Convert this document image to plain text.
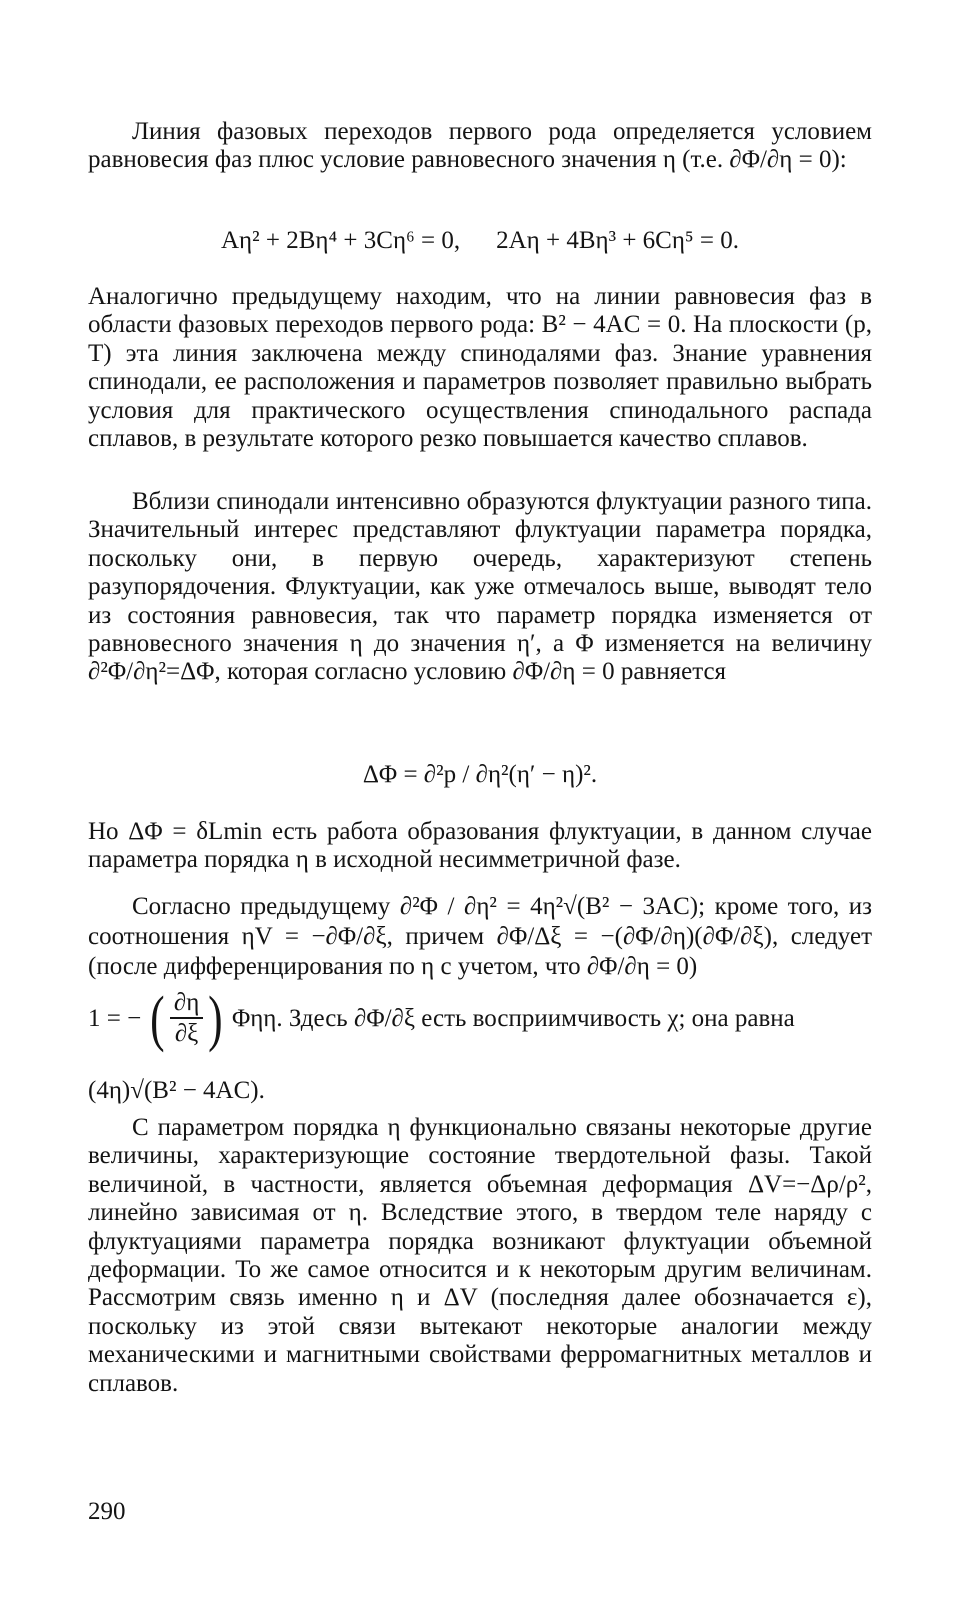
Линия фазовых переходов первого рода определяется условием равновесия фаз плюс условие равновесного значения η (т.е. ∂Φ/∂η = 0):

Aη² + 2Bη⁴ + 3Cη⁶ = 0, 2Aη + 4Bη³ + 6Cη⁵ = 0.

Аналогично предыдущему находим, что на линии равновесия фаз в области фазовых переходов первого рода: B² − 4AC = 0. На плоскости (p, T) эта линия заключена между спинодалями фаз. Знание уравнения спинодали, ее расположения и параметров позволяет правильно выбрать условия для практического осуществления спинодального распада сплавов, в результате которого резко повышается качество сплавов.

Вблизи спинодали интенсивно образуются флуктуации разного типа. Значительный интерес представляют флуктуации параметра порядка, поскольку они, в первую очередь, характеризуют степень разупорядочения. Флуктуации, как уже отмечалось выше, выводят тело из состояния равновесия, так что параметр порядка изменяется от равновесного значения η до значения η′, а Φ изменяется на величину ∂²Φ/∂η²=ΔΦ, которая согласно условию ∂Φ/∂η = 0 равняется

ΔΦ = ∂²p / ∂η²(η′ − η)².

Но ΔΦ = δLmin есть работа образования флуктуации, в данном случае параметра порядка η в исходной несимметричной фазе.

Согласно предыдущему ∂²Φ / ∂η² = 4η²√(B² − 3AC); кроме того, из соотношения ηV = −∂Φ/∂ξ, причем ∂Φ/Δξ = −(∂Φ/∂η)(∂Φ/∂ξ), следует (после дифференцирования по η с учетом, что ∂Φ/∂η = 0)

1 = − ( $\frac{\partial\eta}{\partial\xi}$ ) Φηη. Здесь ∂Φ/∂ξ есть восприимчивость χ; она равна
(4η)√(B² − 4AC).

С параметром порядка η функционально связаны некоторые другие величины, характеризующие состояние твердотельной фазы. Такой величиной, в частности, является объемная деформация ΔV=−Δρ/ρ², линейно зависимая от η. Вследствие этого, в твердом теле наряду с флуктуациями параметра порядка возникают флуктуации объемной деформации. То же самое относится и к некоторым другим величинам. Рассмотрим связь именно η и ΔV (последняя далее обозначается ε), поскольку из этой связи вытекают некоторые аналогии между механическими и магнитными свойствами ферромагнитных металлов и сплавов.

290
